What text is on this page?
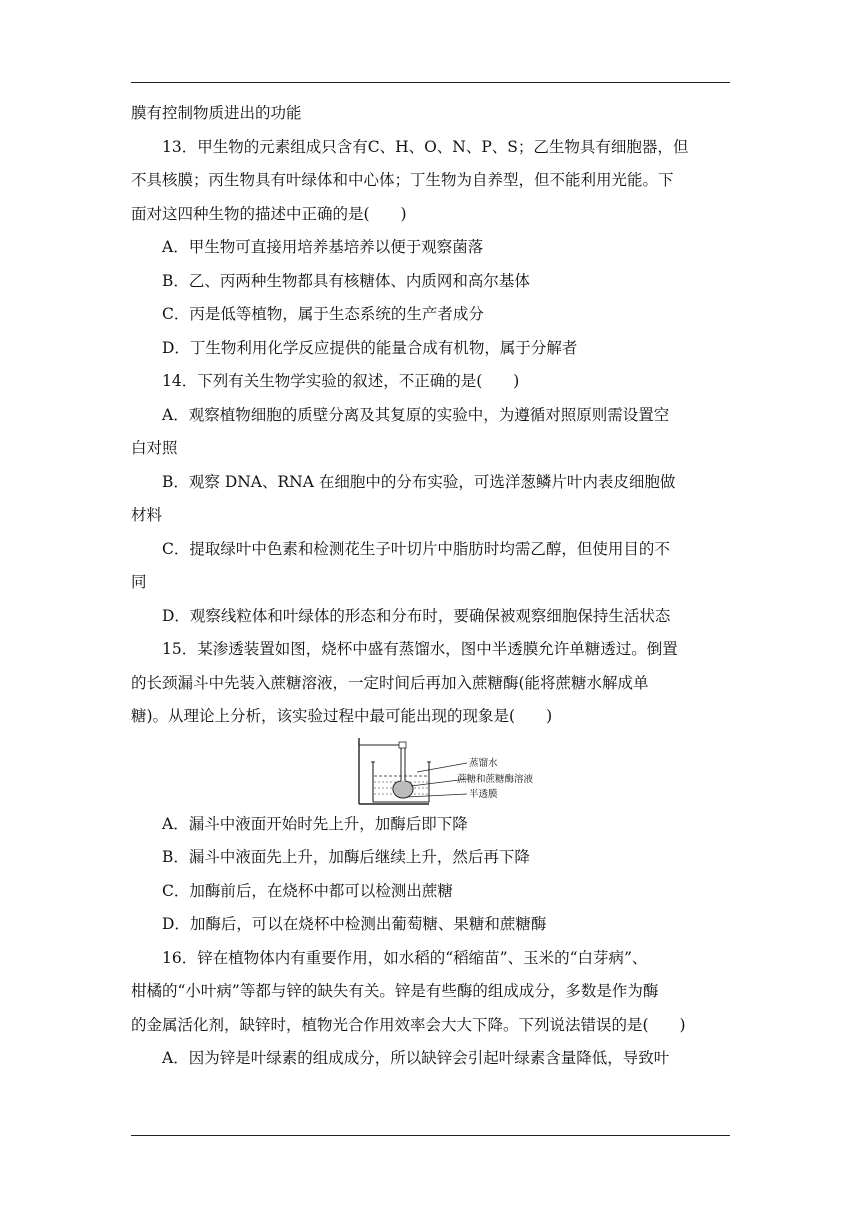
膜有控制物质进出的功能
13．甲生物的元素组成只含有C、H、O、N、P、S；乙生物具有细胞器，但
不具核膜；丙生物具有叶绿体和中心体；丁生物为自养型，但不能利用光能。下
面对这四种生物的描述中正确的是(　　)
A．甲生物可直接用培养基培养以便于观察菌落
B．乙、丙两种生物都具有核糖体、内质网和高尔基体
C．丙是低等植物，属于生态系统的生产者成分
D．丁生物利用化学反应提供的能量合成有机物，属于分解者
14．下列有关生物学实验的叙述，不正确的是(　　)
A．观察植物细胞的质壁分离及其复原的实验中，为遵循对照原则需设置空
白对照
B．观察 DNA、RNA 在细胞中的分布实验，可选洋葱鳞片叶内表皮细胞做
材料
C．提取绿叶中色素和检测花生子叶切片中脂肪时均需乙醇，但使用目的不
同
D．观察线粒体和叶绿体的形态和分布时，要确保被观察细胞保持生活状态
15．某渗透装置如图，烧杯中盛有蒸馏水，图中半透膜允许单糖透过。倒置
的长颈漏斗中先装入蔗糖溶液，一定时间后再加入蔗糖酶(能将蔗糖水解成单
糖)。从理论上分析，该实验过程中最可能出现的现象是(　　)
蒸馏水
蔗糖和蔗糖酶溶液
半透膜
A．漏斗中液面开始时先上升，加酶后即下降
B．漏斗中液面先上升，加酶后继续上升，然后再下降
C．加酶前后，在烧杯中都可以检测出蔗糖
D．加酶后，可以在烧杯中检测出葡萄糖、果糖和蔗糖酶
16．锌在植物体内有重要作用，如水稻的“稻缩苗”、玉米的“白芽病”、
柑橘的“小叶病”等都与锌的缺失有关。锌是有些酶的组成成分，多数是作为酶
的金属活化剂，缺锌时，植物光合作用效率会大大下降。下列说法错误的是(　　)
A．因为锌是叶绿素的组成成分，所以缺锌会引起叶绿素含量降低，导致叶
